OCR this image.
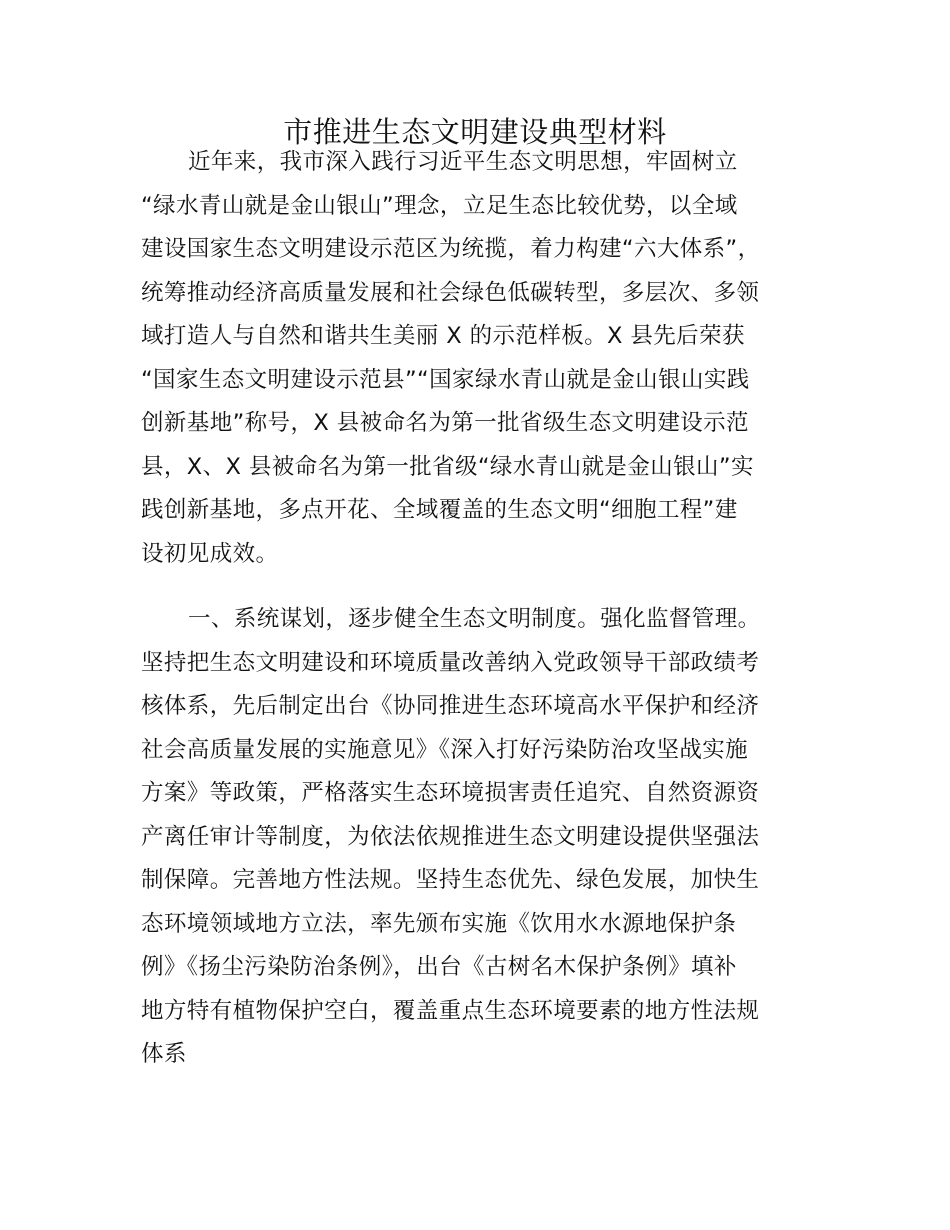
市推进生态文明建设典型材料
近年来，我市深入践行习近平生态文明思想，牢固树立
“绿水青山就是金山银山”理念，立足生态比较优势，以全域
建设国家生态文明建设示范区为统揽，着力构建“六大体系”，
统筹推动经济高质量发展和社会绿色低碳转型，多层次、多领
域打造人与自然和谐共生美丽 X 的示范样板。X 县先后荣获
“国家生态文明建设示范县”“国家绿水青山就是金山银山实践
创新基地”称号，X 县被命名为第一批省级生态文明建设示范
县，X、X 县被命名为第一批省级“绿水青山就是金山银山”实
践创新基地，多点开花、全域覆盖的生态文明“细胞工程”建
设初见成效。
一、系统谋划，逐步健全生态文明制度。强化监督管理。
坚持把生态文明建设和环境质量改善纳入党政领导干部政绩考
核体系，先后制定出台《协同推进生态环境高水平保护和经济
社会高质量发展的实施意见》《深入打好污染防治攻坚战实施
方案》等政策，严格落实生态环境损害责任追究、自然资源资
产离任审计等制度，为依法依规推进生态文明建设提供坚强法
制保障。完善地方性法规。坚持生态优先、绿色发展，加快生
态环境领域地方立法，率先颁布实施《饮用水水源地保护条
例》《扬尘污染防治条例》，出台《古树名木保护条例》填补
地方特有植物保护空白，覆盖重点生态环境要素的地方性法规
体系
